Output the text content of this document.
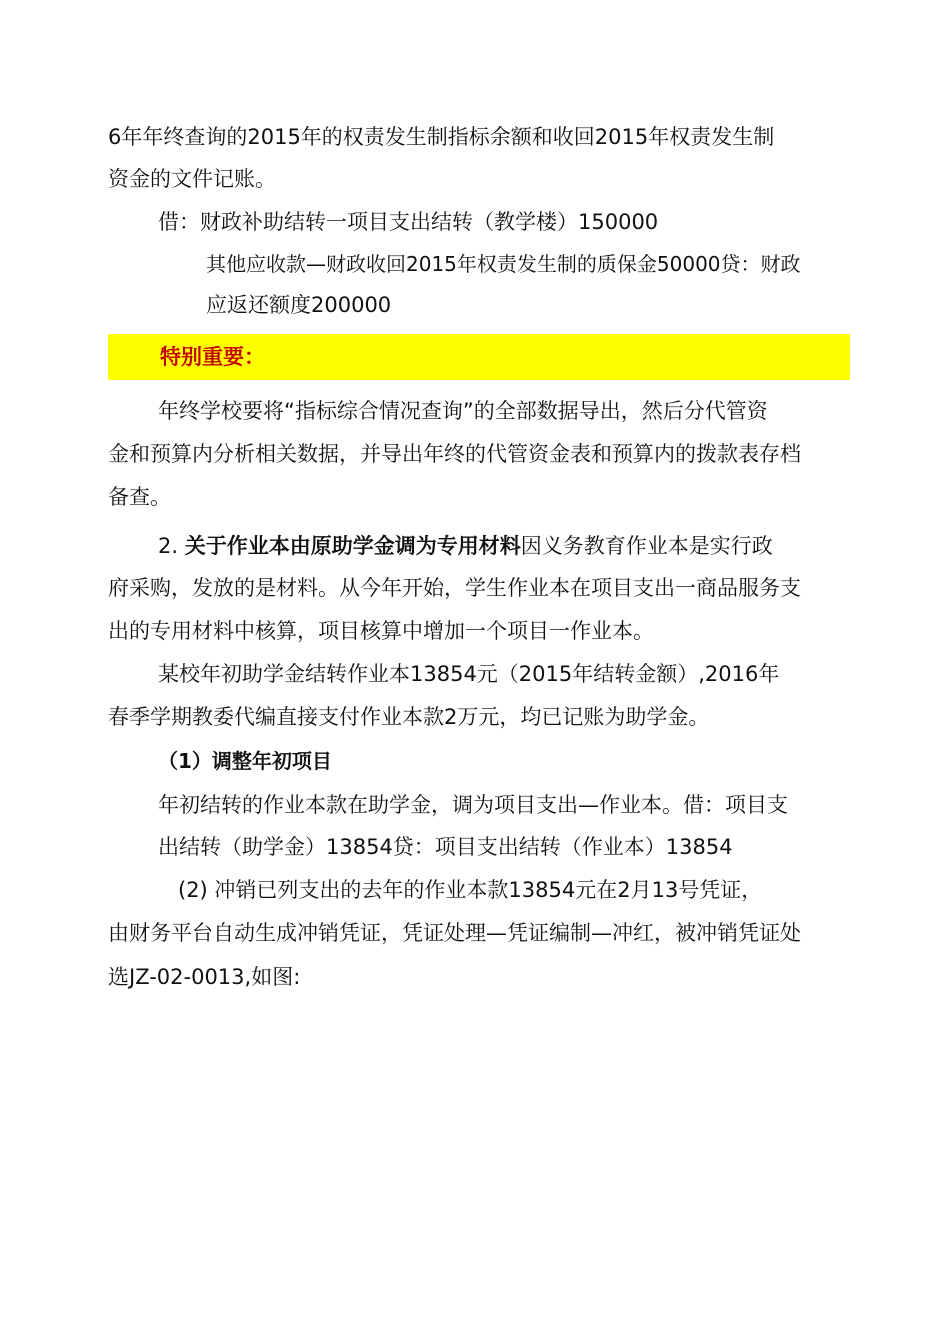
6年年终查询的2015年的权责发生制指标余额和收回2015年权责发生制
资金的文件记账。
借：财政补助结转一项目支出结转（教学楼）150000
其他应收款—财政收回2015年权责发生制的质保金50000贷：财政
应返还额度200000
特别重要：
年终学校要将“指标综合情况查询”的全部数据导出，然后分代管资
金和预算内分析相关数据，并导出年终的代管资金表和预算内的拨款表存档
备查。
2. 关于作业本由原助学金调为专用材料因义务教育作业本是实行政
府采购，发放的是材料。从今年开始，学生作业本在项目支出一商品服务支
出的专用材料中核算，项目核算中增加一个项目一作业本。
某校年初助学金结转作业本13854元（2015年结转金额）,2016年
春季学期教委代编直接支付作业本款2万元，均已记账为助学金。
（1）调整年初项目
年初结转的作业本款在助学金，调为项目支出—作业本。借：项目支
出结转（助学金）13854贷：项目支出结转（作业本）13854
(2) 冲销已列支出的去年的作业本款13854元在2月13号凭证，
由财务平台自动生成冲销凭证，凭证处理—凭证编制—冲红，被冲销凭证处
选JZ-02-0013,如图:
